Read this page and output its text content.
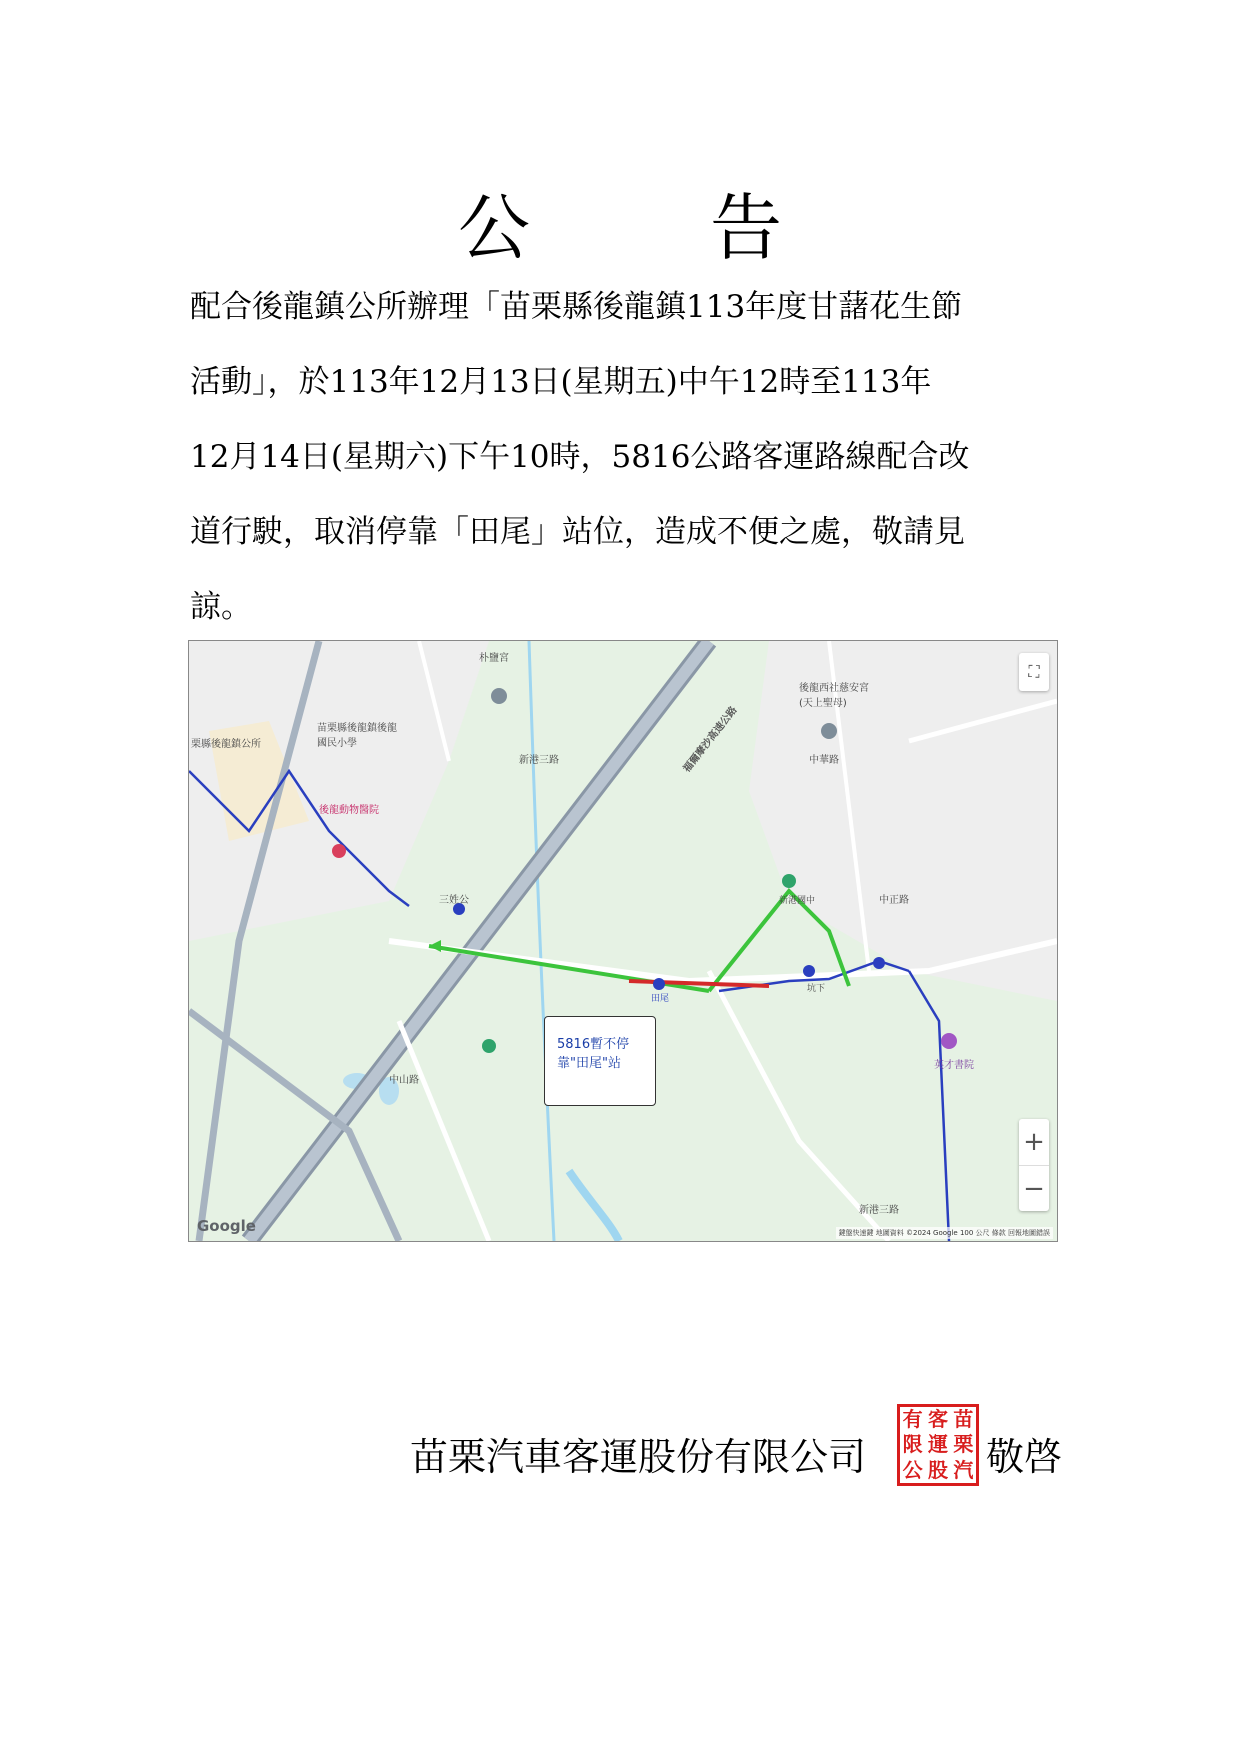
公	告

配合後龍鎮公所辦理「苗栗縣後龍鎮113年度甘藷花生節

活動」，於113年12月13日(星期五)中午12時至113年

12月14日(星期六)下午10時，5816公路客運路線配合改

道行駛，取消停靠「田尾」站位，造成不便之處，敬請見

諒。

朴鹽宮
苗栗縣後龍鎮後龍國民小學
後龍動物醫院
後龍西社慈安宮(天上聖母)
英才書院
三姓公
栗縣後龍鎮公所
新港三路
中山路
中正路
中華路
新港三路	福爾摩沙高速公路
田尾
新港國中
坑下
5816暫不停靠"田尾"站
⛶
+
−
Google	鍵盤快速鍵 地圖資料 ©2024 Google 100 公尺 條款 回報地圖錯誤
苗栗汽車客運股份有限公司
有 客 苗
限 運 栗
公 股 汽 敬啓
